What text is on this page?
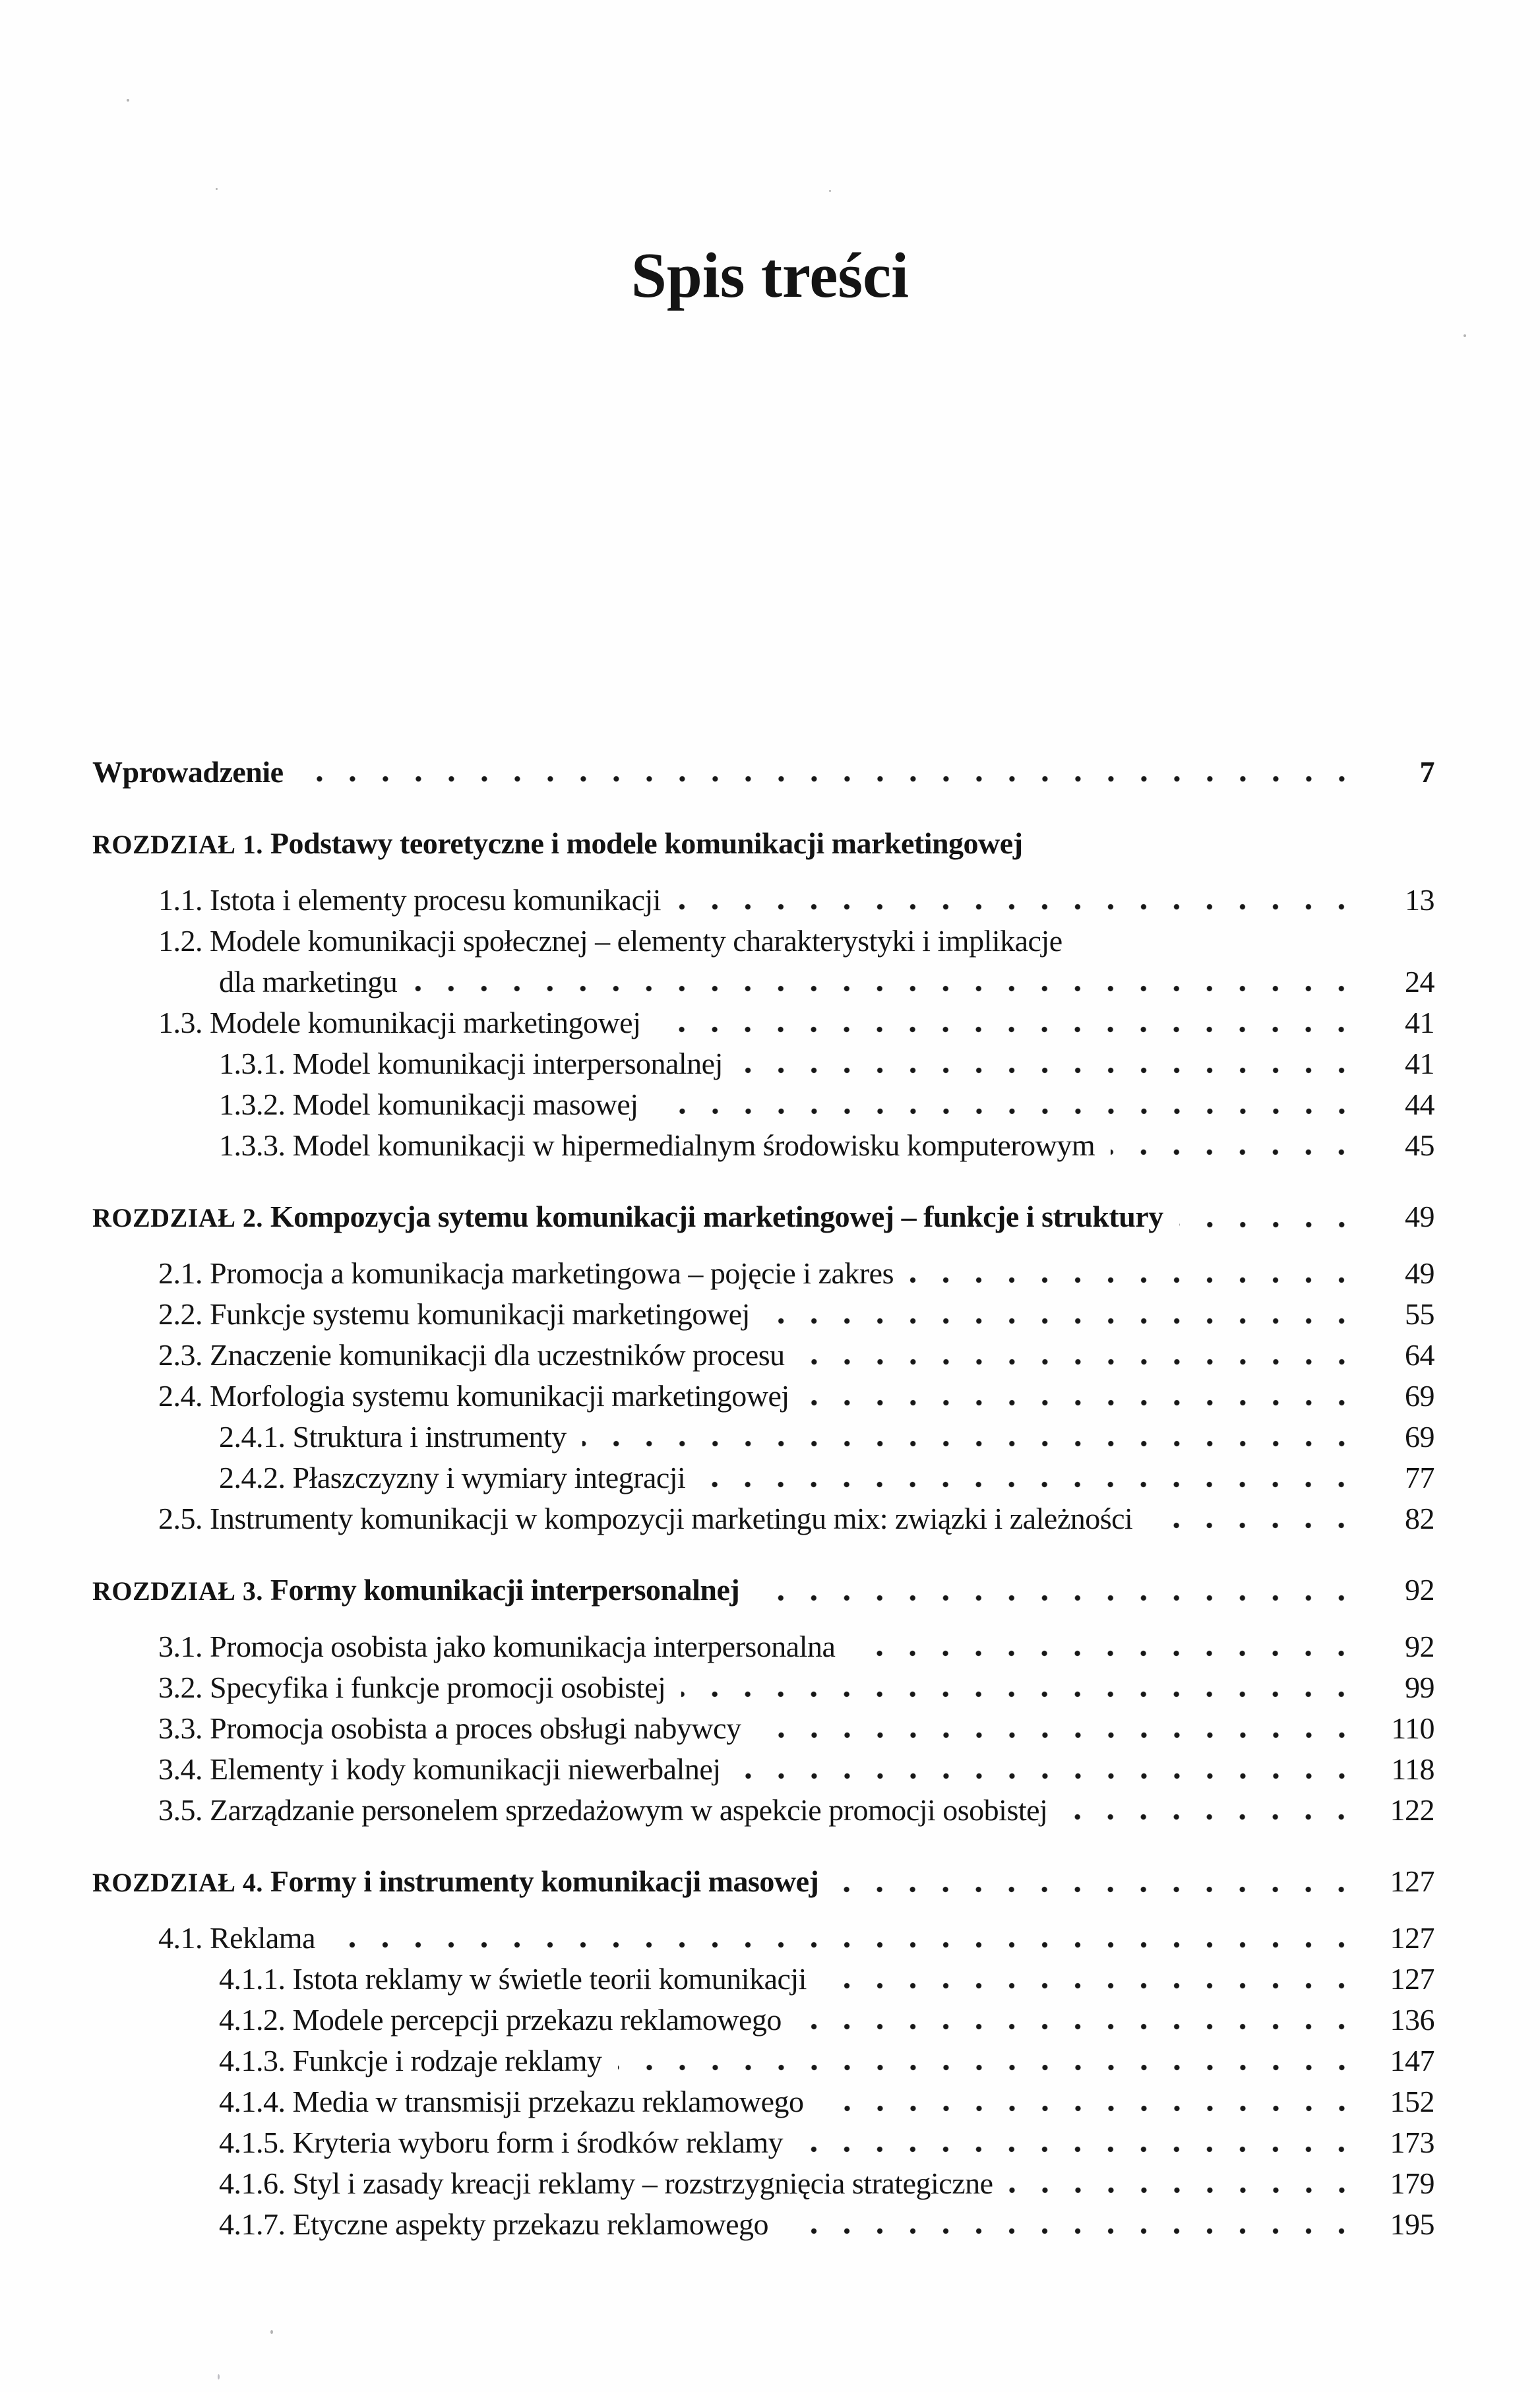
Spis treści
Wprowadzenie	7
ROZDZIAŁ 1. Podstawy teoretyczne i modele komunikacji marketingowej
1.1. Istota i elementy procesu komunikacji	13
1.2. Modele komunikacji społecznej – elementy charakterystyki i implikacje
dla marketingu	24
1.3. Modele komunikacji marketingowej	41
1.3.1. Model komunikacji interpersonalnej	41
1.3.2. Model komunikacji masowej	44
1.3.3. Model komunikacji w hipermedialnym środowisku komputerowym	45
ROZDZIAŁ 2. Kompozycja sytemu komunikacji marketingowej – funkcje i struktury	49
2.1. Promocja a komunikacja marketingowa – pojęcie i zakres	49
2.2. Funkcje systemu komunikacji marketingowej	55
2.3. Znaczenie komunikacji dla uczestników procesu	64
2.4. Morfologia systemu komunikacji marketingowej	69
2.4.1. Struktura i instrumenty	69
2.4.2. Płaszczyzny i wymiary integracji	77
2.5. Instrumenty komunikacji w kompozycji marketingu mix: związki i zależności	82
ROZDZIAŁ 3. Formy komunikacji interpersonalnej	92
3.1. Promocja osobista jako komunikacja interpersonalna	92
3.2. Specyfika i funkcje promocji osobistej	99
3.3. Promocja osobista a proces obsługi nabywcy	110
3.4. Elementy i kody komunikacji niewerbalnej	118
3.5. Zarządzanie personelem sprzedażowym w aspekcie promocji osobistej	122
ROZDZIAŁ 4. Formy i instrumenty komunikacji masowej	127
4.1. Reklama	127
4.1.1. Istota reklamy w świetle teorii komunikacji	127
4.1.2. Modele percepcji przekazu reklamowego	136
4.1.3. Funkcje i rodzaje reklamy	147
4.1.4. Media w transmisji przekazu reklamowego	152
4.1.5. Kryteria wyboru form i środków reklamy	173
4.1.6. Styl i zasady kreacji reklamy – rozstrzygnięcia strategiczne	179
4.1.7. Etyczne aspekty przekazu reklamowego	195
